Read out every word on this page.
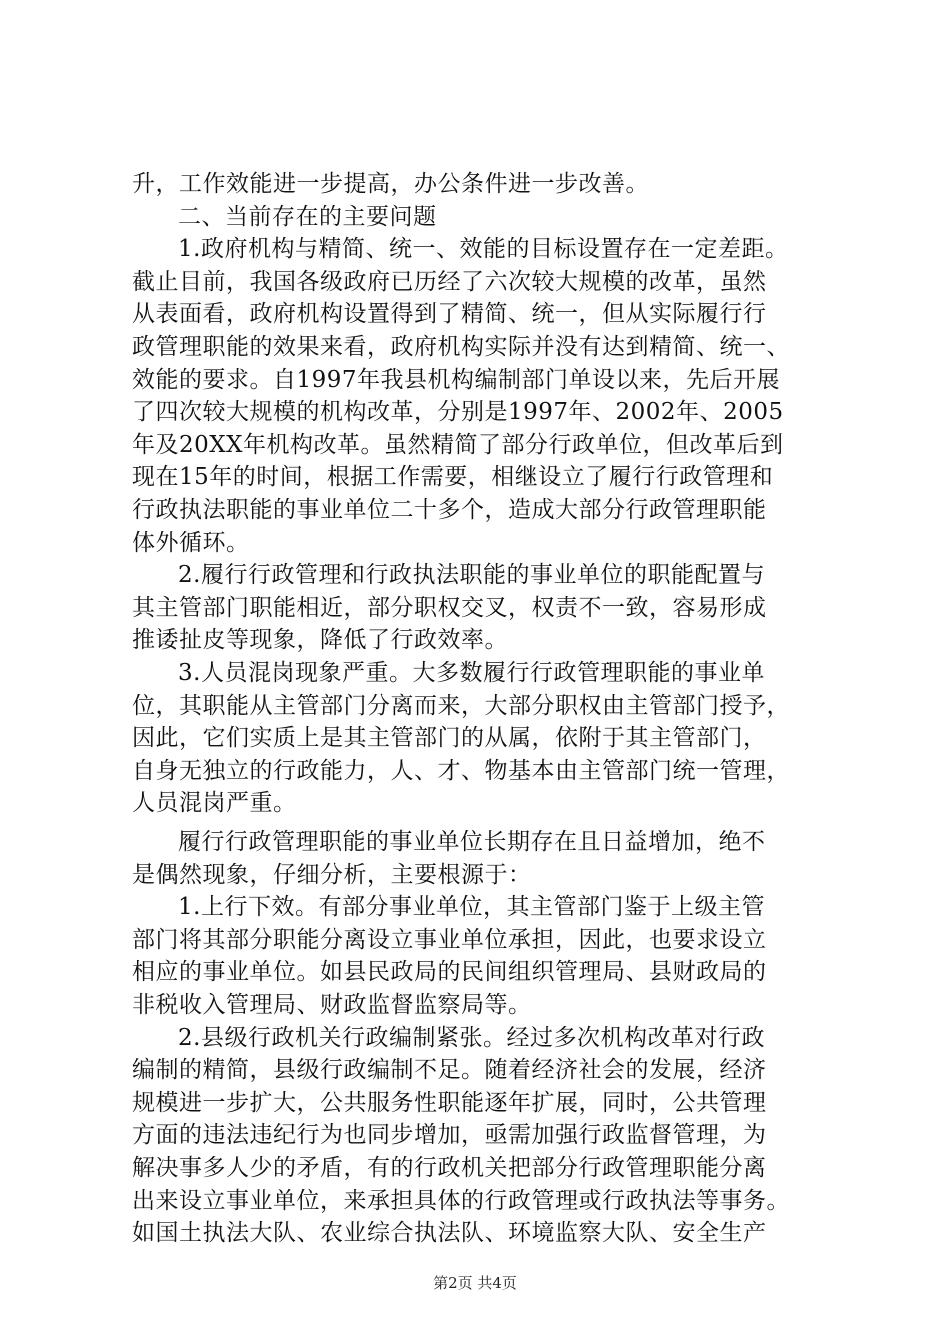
升，工作效能进一步提高，办公条件进一步改善。
二、当前存在的主要问题
1.政府机构与精简、统一、效能的目标设置存在一定差距。
截止目前，我国各级政府已历经了六次较大规模的改革，虽然
从表面看，政府机构设置得到了精简、统一，但从实际履行行
政管理职能的效果来看，政府机构实际并没有达到精简、统一、
效能的要求。自1997年我县机构编制部门单设以来，先后开展
了四次较大规模的机构改革，分别是1997年、2002年、2005
年及20XX年机构改革。虽然精简了部分行政单位，但改革后到
现在15年的时间，根据工作需要，相继设立了履行行政管理和
行政执法职能的事业单位二十多个，造成大部分行政管理职能
体外循环。
2.履行行政管理和行政执法职能的事业单位的职能配置与
其主管部门职能相近，部分职权交叉，权责不一致，容易形成
推诿扯皮等现象，降低了行政效率。
3.人员混岗现象严重。大多数履行行政管理职能的事业单
位，其职能从主管部门分离而来，大部分职权由主管部门授予，
因此，它们实质上是其主管部门的从属，依附于其主管部门，
自身无独立的行政能力，人、才、物基本由主管部门统一管理，
人员混岗严重。
履行行政管理职能的事业单位长期存在且日益增加，绝不
是偶然现象，仔细分析，主要根源于：
1.上行下效。有部分事业单位，其主管部门鉴于上级主管
部门将其部分职能分离设立事业单位承担，因此，也要求设立
相应的事业单位。如县民政局的民间组织管理局、县财政局的
非税收入管理局、财政监督监察局等。
2.县级行政机关行政编制紧张。经过多次机构改革对行政
编制的精简，县级行政编制不足。随着经济社会的发展，经济
规模进一步扩大，公共服务性职能逐年扩展，同时，公共管理
方面的违法违纪行为也同步增加，亟需加强行政监督管理，为
解决事多人少的矛盾，有的行政机关把部分行政管理职能分离
出来设立事业单位，来承担具体的行政管理或行政执法等事务。
如国土执法大队、农业综合执法队、环境监察大队、安全生产
第2页 共4页
